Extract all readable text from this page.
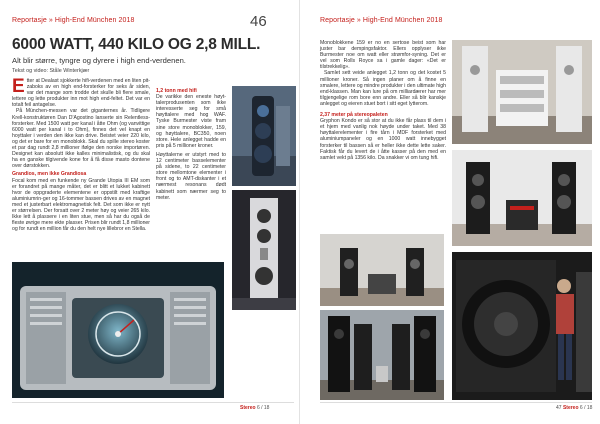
Reportasje » High-End München 2018	46
6000 WATT, 440 KILO OG 2,8 MILL.
Alt blir større, tyngre og dyrere i high end-verdenen.
Tekst og video: Ståle Winterkjær

Etter at Dealast sjokkerte hifi-verdenen med en liten pit-zaboks av en high end-forsterker for seks år siden, var det mange som trodde det skulle bli flere smale, lettere og lette produkter inn mot high end-feltet. Det var en totalt feil antagelse.

På München-messen var det giganternes år. Tidligere Krell-konstruktøren Dan D'Agostino lanserte sin Relentless-forsterker. Med 1500 watt per kanal i åtte Ohm (og vanvittige 6000 watt per kanal i to Ohm), finnes det vel knapt en hoyttaler i verden den ikke kan drive. Beistet veier 220 kilo, og det er bare for en monoblokk. Skal du spille stereo koster et par dag rundt 2,8 millioner ifølge den norske importøren. Designet kan absolutt ikke kalles minimalistisk, og du skal ha en ganske tilgivende kone for å få disse masto dontene over dørstokken.

Grandios, men ikke Grandiosa

Focal kom med en funkende ny Grande Utopia III EM som er forandret på mange måter, det er blitt et lukket kabinett hvor de oppgraderte elementene er oppstilt med kraftige aluminiumrin-ger og 16-tommer bassen drives av en magnet med et justerbart elektromagnetisk felt. Det som ikke er nytt er størrelsen. Der forsatt over 2 meter høy og veier 265 kilo. Ikke lett å plassere i en liten stue, men så har du også de fleste øvrige mere ekte plasser. Prisen blir rundt 1,8 millioner og for rundt en million får du den helt nye lillebror en Stella.

1,2 tonn med hifi

De varikke den eneste høyt-talerprodusenten som ikke interesserte seg for små høyttalere med hog WAF. Tyske Burmester viste fram sine store monoblokker, 159, og høyttalere, BC350, noen store. Hele anlegget hadde en pris på 5 millioner kroner.

Høyttalerne er utstyrt med to 12 centimeter basselementer på sidene, to 22 centimeter store mellomtone elementer i front og to AMT-diskanter i et nærmest resonans dødt kabinett som nærmer seg to meter.

Stereo 6 / 18
Reportasje » High-End München 2018

Monoblokkene 159 er no en sertose beist som har juster bar dempingsfaktor. Ellers opplyser ikke Burmester noe om watt eller strømfor-syning. Det er vel som Rolls Royce sa i gamle dager: «Det er tilstrekkelig».

Samlet sett veide anlegget 1,2 tonn og det kostet 5 millioner kroner. Så ingen planer om å finne en smalere, lettere og mindre produkter i den ultimate high end-klassen. Man kan lure på om milliardærer har mer tilgjengelige rom bore enn andre. Eller så blir kanskje anlegget og eieren stuet bort i sitt eget lytterom.

2,37 meter på stereopaleten

Gryphon Kondo er så stor at du ikke får plass til dem i et hjem med vanlig nok høyde under taket. Med 38 høyttalerelementer i fire tårn i MDF forsterket med aluminiumpaneler og en 1000 watt innebygget forsterker til bassen så er heller ikke dette lette saker. Faktisk får du levert de i åtte kasser på den med en samlet vekt på 1356 kilo. Da snakker vi om tung hifi.

47 Stereo 6 / 18
